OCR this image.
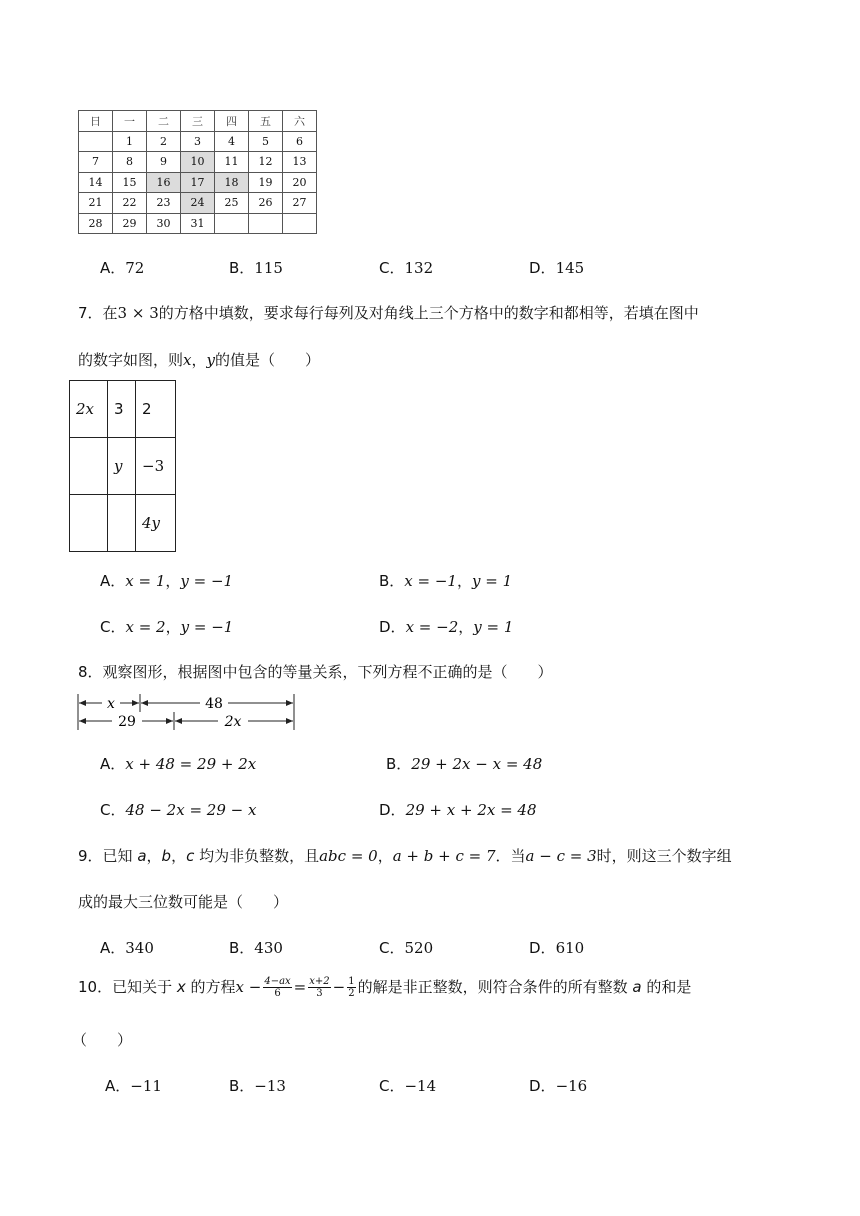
日	一	二	三	四	五	六
	1	2	3	4	5	6
7	8	9	10	11	12	13
14	15	16	17	18	19	20
21	22	23	24	25	26	27
28	29	30	31			
A．72	B．115	C．132	D．145
7．在3 × 3的方格中填数，要求每行每列及对角线上三个方格中的数字和都相等，若填在图中
的数字如图，则x，y的值是（　　）
2x	3	2
	y	−3
		4y
A．x = 1，y = −1	B．x = −1，y = 1
C．x = 2，y = −1	D．x = −2，y = 1
8．观察图形，根据图中包含的等量关系，下列方程不正确的是（　　）
x	48
29	2x
A．x + 48 = 29 + 2x	B．29 + 2x − x = 48
C．48 − 2x = 29 − x	D．29 + x + 2x = 48
9．已知 a，b，c 均为非负整数，且abc = 0，a + b + c = 7．当a − c = 3时，则这三个数字组
成的最大三位数可能是（　　）
A．340	B．430	C．520	D．610
10．已知关于 x 的方程$x - \frac{4-ax}{6} = \frac{x+2}{3} - \frac{1}{2}$ 的解是非正整数，则符合条件的所有整数 a 的和是
（　　）
A．−11	B．−13	C．−14	D．−16
